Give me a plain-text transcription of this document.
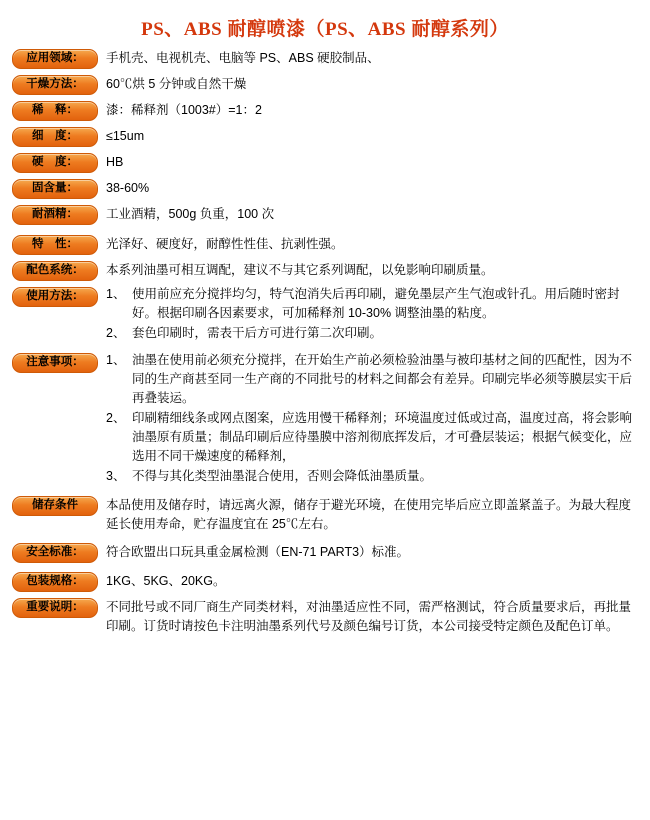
PS、ABS 耐醇喷漆（PS、ABS 耐醇系列）
应用领域：	手机壳、电视机壳、电脑等 PS、ABS 硬胶制品、

干燥方法：	60℃烘 5 分钟或自然干燥

稀　释：	漆：稀释剂（1003#）=1：2

细　度：	≤15um

硬　度：	HB

固含量：	38-60%

耐酒精：	工业酒精，500g 负重，100 次

特　性：	光泽好、硬度好，耐醇性性佳、抗剥性强。

配色系统：	本系列油墨可相互调配，建议不与其它系列调配，以免影响印刷质量。

使用方法：	1、 使用前应充分搅拌均匀，特气泡消失后再印刷，避免墨层产生气泡或针孔。用后随时密封好。根据印刷各因素要求，可加稀释剂 10-30% 调整油墨的粘度。
2、 套色印刷时，需表干后方可进行第二次印刷。
注意事项：	1、 油墨在使用前必须充分搅拌，在开始生产前必须检验油墨与被印基材之间的匹配性，因为不同的生产商甚至同一生产商的不同批号的材料之间都会有差异。印刷完毕必须等膜层实干后再叠装运。
2、 印刷精细线条或网点图案，应选用慢干稀释剂；环境温度过低或过高，温度过高，将会影响油墨原有质量；制品印刷后应待墨膜中溶剂彻底挥发后，才可叠层装运；根据气候变化，应选用不同干燥速度的稀释剂，
3、 不得与其化类型油墨混合使用，否则会降低油墨质量。
储存条件	本品使用及储存时，请远离火源，储存于避光环境，在使用完毕后应立即盖紧盖子。为最大程度延长使用寿命，贮存温度宜在 25℃左右。

安全标准：	符合欧盟出口玩具重金属检测（EN-71 PART3）标准。

包装规格：	1KG、5KG、20KG。

重要说明：	不同批号或不同厂商生产同类材料，对油墨适应性不同，需严格测试，符合质量要求后，再批量印刷。订货时请按色卡注明油墨系列代号及颜色编号订货，本公司接受特定颜色及配色订单。
